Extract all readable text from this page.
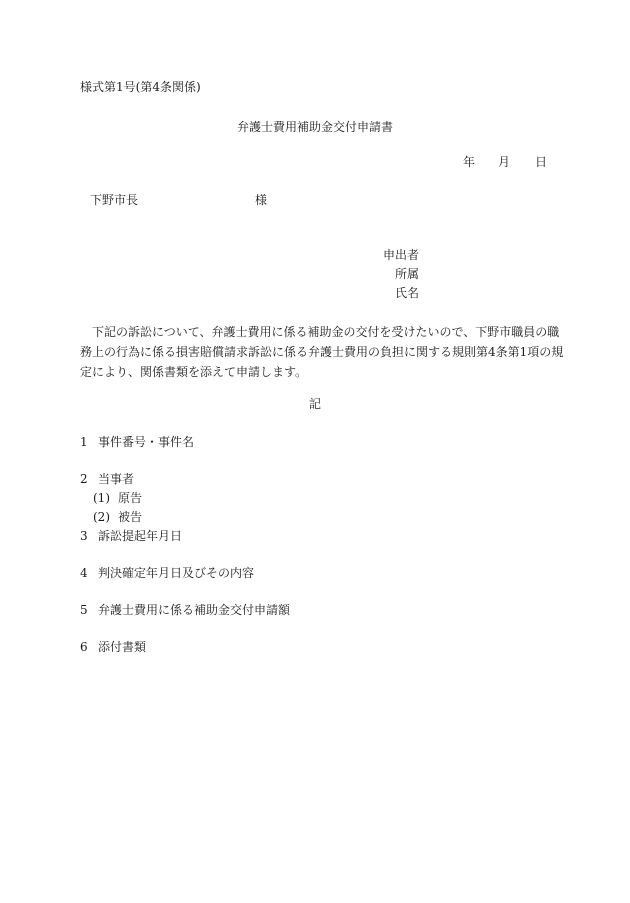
様式第1号(第4条関係)
弁護士費用補助金交付申請書
年 月 日
下野市長	様
申出者
所属
氏名
下記の訴訟について、弁護士費用に係る補助金の交付を受けたいので、下野市職員の職
務上の行為に係る損害賠償請求訴訟に係る弁護士費用の負担に関する規則第4条第1項の規
定により、関係書類を添えて申請します。
記
1 事件番号・事件名
2 当事者
(1) 原告
(2) 被告
3 訴訟提起年月日
4 判決確定年月日及びその内容
5 弁護士費用に係る補助金交付申請額
6 添付書類
